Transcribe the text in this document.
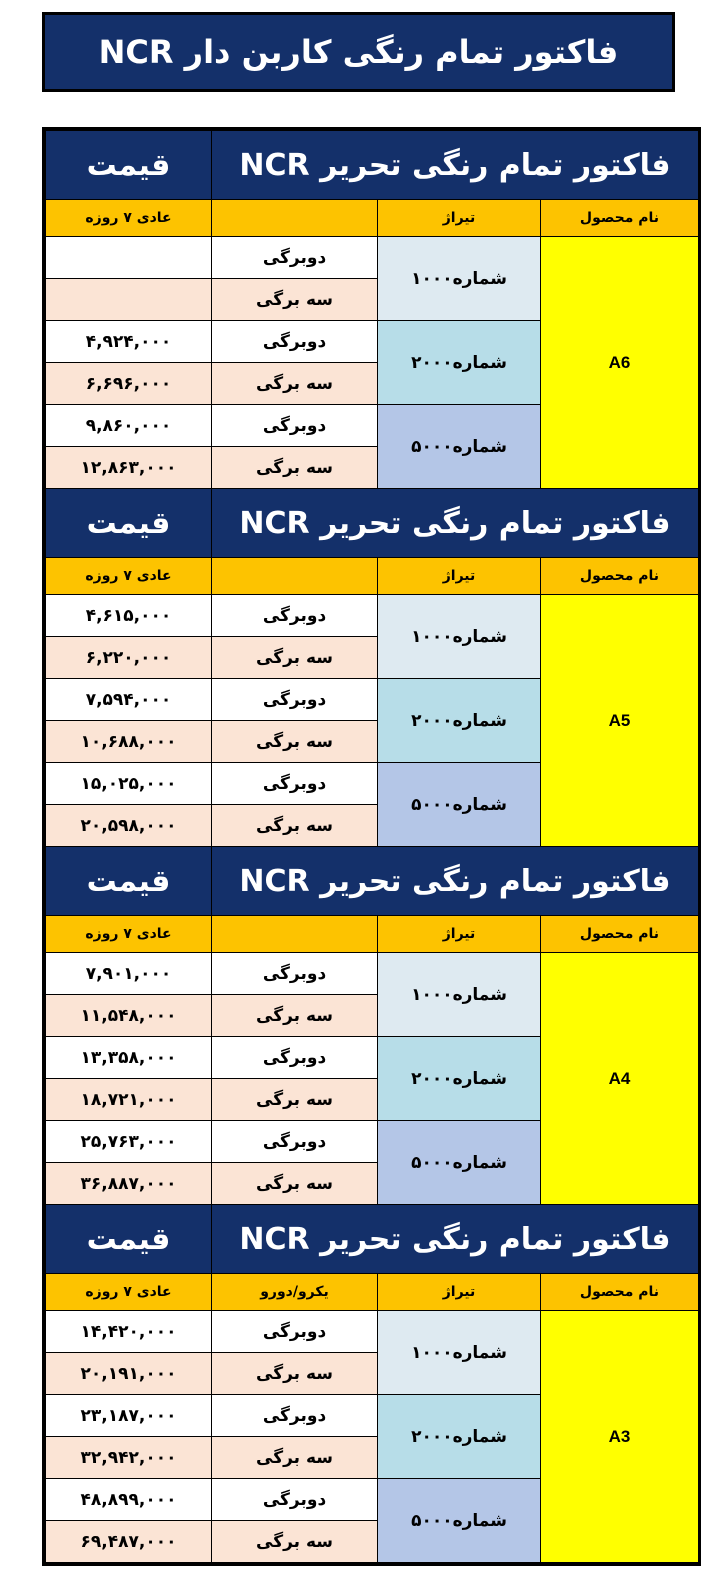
فاکتور تمام رنگی کاربن دار NCR
قیمت	فاکتور تمام رنگی تحریر NCR		
عادی ۷ روزه		تیراژ	نام محصول
	دوبرگی	۱۰۰۰شماره	A6
	سه برگی		
۴,۹۲۴,۰۰۰	دوبرگی	۲۰۰۰شماره	
۶,۶۹۶,۰۰۰	سه برگی		
۹,۸۶۰,۰۰۰	دوبرگی	۵۰۰۰شماره	
۱۲,۸۶۳,۰۰۰	سه برگی		
قیمت	فاکتور تمام رنگی تحریر NCR		
عادی ۷ روزه		تیراژ	نام محصول
۴,۶۱۵,۰۰۰	دوبرگی	۱۰۰۰شماره	A5
۶,۲۲۰,۰۰۰	سه برگی		
۷,۵۹۴,۰۰۰	دوبرگی	۲۰۰۰شماره	
۱۰,۶۸۸,۰۰۰	سه برگی		
۱۵,۰۲۵,۰۰۰	دوبرگی	۵۰۰۰شماره	
۲۰,۵۹۸,۰۰۰	سه برگی		
قیمت	فاکتور تمام رنگی تحریر NCR		
عادی ۷ روزه		تیراژ	نام محصول
۷,۹۰۱,۰۰۰	دوبرگی	۱۰۰۰شماره	A4
۱۱,۵۴۸,۰۰۰	سه برگی		
۱۳,۳۵۸,۰۰۰	دوبرگی	۲۰۰۰شماره	
۱۸,۷۲۱,۰۰۰	سه برگی		
۲۵,۷۶۳,۰۰۰	دوبرگی	۵۰۰۰شماره	
۳۶,۸۸۷,۰۰۰	سه برگی		
قیمت	فاکتور تمام رنگی تحریر NCR		
عادی ۷ روزه	یکرو/دورو	تیراژ	نام محصول
۱۴,۴۲۰,۰۰۰	دوبرگی	۱۰۰۰شماره	A3
۲۰,۱۹۱,۰۰۰	سه برگی		
۲۳,۱۸۷,۰۰۰	دوبرگی	۲۰۰۰شماره	
۳۲,۹۴۲,۰۰۰	سه برگی		
۴۸,۸۹۹,۰۰۰	دوبرگی	۵۰۰۰شماره	
۶۹,۴۸۷,۰۰۰	سه برگی		
